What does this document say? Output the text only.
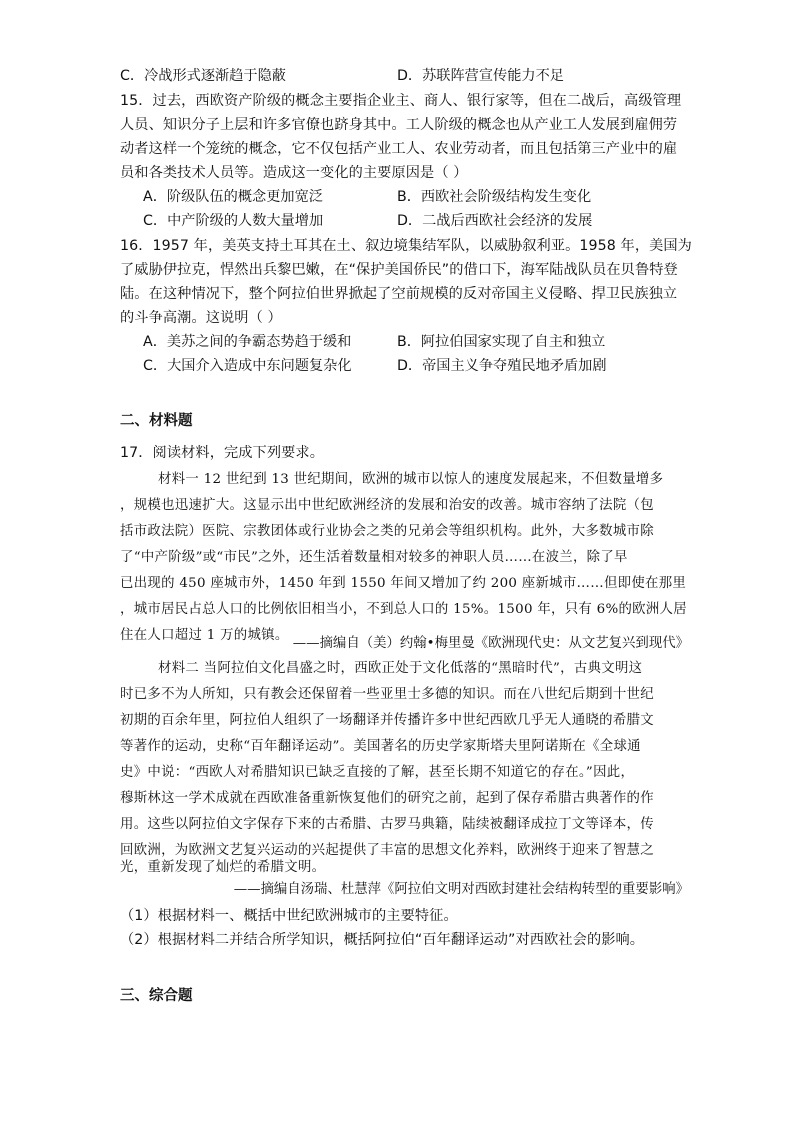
C．冷战形式逐渐趋于隐蔽	D．苏联阵营宣传能力不足
15．过去，西欧资产阶级的概念主要指企业主、商人、银行家等，但在二战后，高级管理
人员、知识分子上层和许多官僚也跻身其中。工人阶级的概念也从产业工人发展到雇佣劳
动者这样一个笼统的概念，它不仅包括产业工人、农业劳动者，而且包括第三产业中的雇
员和各类技术人员等。造成这一变化的主要原因是（ ）
A．阶级队伍的概念更加宽泛	B．西欧社会阶级结构发生变化
C．中产阶级的人数大量增加	D．二战后西欧社会经济的发展
16．1957 年，美英支持土耳其在土、叙边境集结军队，以威胁叙利亚。1958 年，美国为
了威胁伊拉克，悍然出兵黎巴嫩，在“保护美国侨民”的借口下，海军陆战队员在贝鲁特登
陆。在这种情况下，整个阿拉伯世界掀起了空前规模的反对帝国主义侵略、捍卫民族独立
的斗争高潮。这说明（ ）
A．美苏之间的争霸态势趋于缓和	B．阿拉伯国家实现了自主和独立
C．大国介入造成中东问题复杂化	D．帝国主义争夺殖民地矛盾加剧
二、材料题
17．阅读材料，完成下列要求。
材料一 12 世纪到 13 世纪期间，欧洲的城市以惊人的速度发展起来，不但数量增多
，规模也迅速扩大。这显示出中世纪欧洲经济的发展和治安的改善。城市容纳了法院（包
括市政法院）医院、宗教团体或行业协会之类的兄弟会等组织机构。此外，大多数城市除
了“中产阶级”或“市民”之外，还生活着数量相对较多的神职人员……在波兰，除了早
已出现的 450 座城市外，1450 年到 1550 年间又增加了约 200 座新城市……但即使在那里
，城市居民占总人口的比例依旧相当小，不到总人口的 15%。1500 年，只有 6%的欧洲人居
住在人口超过 1 万的城镇。
——摘编自（美）约翰•梅里曼《欧洲现代史：从文艺复兴到现代》
材料二 当阿拉伯文化昌盛之时，西欧正处于文化低落的“黑暗时代”，古典文明这
时已多不为人所知，只有教会还保留着一些亚里士多德的知识。而在八世纪后期到十世纪
初期的百余年里，阿拉伯人组织了一场翻译并传播许多中世纪西欧几乎无人通晓的希腊文
等著作的运动，史称“百年翻译运动”。美国著名的历史学家斯塔夫里阿诺斯在《全球通
史》中说：“西欧人对希腊知识已缺乏直接的了解，甚至长期不知道它的存在。”因此，
穆斯林这一学术成就在西欧准备重新恢复他们的研究之前，起到了保存希腊古典著作的作
用。这些以阿拉伯文字保存下来的古希腊、古罗马典籍，陆续被翻译成拉丁文等译本，传
回欧洲，为欧洲文艺复兴运动的兴起提供了丰富的思想文化养料，欧洲终于迎来了智慧之
光，重新发现了灿烂的希腊文明。
——摘编自汤瑞、杜慧萍《阿拉伯文明对西欧封建社会结构转型的重要影响》
（1）根据材料一、概括中世纪欧洲城市的主要特征。
（2）根据材料二并结合所学知识，概括阿拉伯“百年翻译运动”对西欧社会的影响。
三、综合题
